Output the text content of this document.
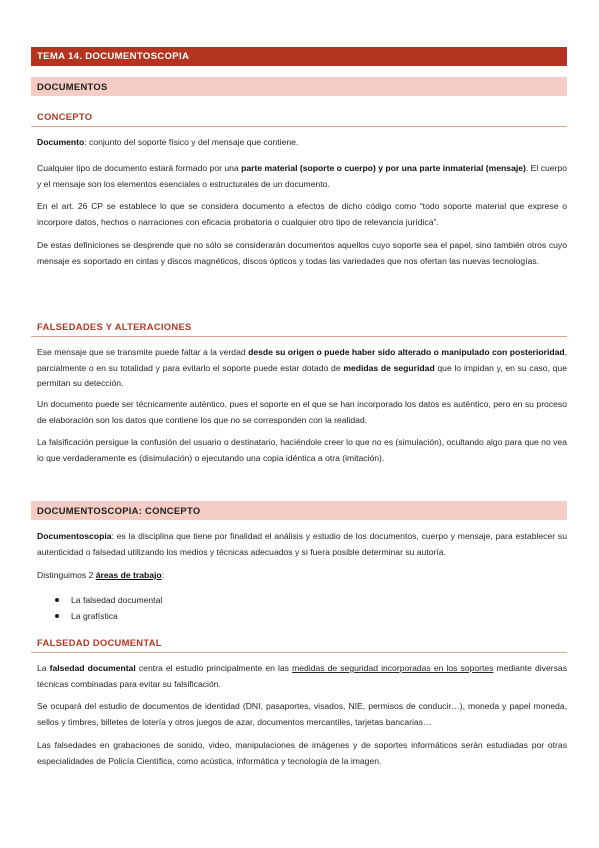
TEMA 14. DOCUMENTOSCOPIA
DOCUMENTOS
CONCEPTO
Documento: conjunto del soporte físico y del mensaje que contiene.
Cualquier tipo de documento estará formado por una parte material (soporte o cuerpo) y por una parte inmaterial (mensaje). El cuerpo y el mensaje son los elementos esenciales o estructurales de un documento.
En el art. 26 CP se establece lo que se considera documento a efectos de dicho código como “todo soporte material que exprese o incorpore datos, hechos o narraciones con eficacia probatoria o cualquier otro tipo de relevancia jurídica”.
De estas definiciones se desprende que no sólo se considerarán documentos aquellos cuyo soporte sea el papel, sino también otros cuyo mensaje es soportado en cintas y discos magnéticos, discos ópticos y todas las variedades que nos ofertan las nuevas tecnologías.
FALSEDADES Y ALTERACIONES
Ese mensaje que se transmite puede faltar a la verdad desde su origen o puede haber sido alterado o manipulado con posterioridad, parcialmente o en su totalidad y para evitarlo el soporte puede estar dotado de medidas de seguridad que lo impidan y, en su caso, que permitan su detección.
Un documento puede ser técnicamente auténtico, pues el soporte en el que se han incorporado los datos es auténtico, pero en su proceso de elaboración son los datos que contiene los que no se corresponden con la realidad.
La falsificación persigue la confusión del usuario o destinatario, haciéndole creer lo que no es (simulación), ocultando algo para que no vea lo que verdaderamente es (disimulación) o ejecutando una copia idéntica a otra (imitación).
DOCUMENTOSCOPIA: CONCEPTO
Documentoscopia: es la disciplina que tiene por finalidad el análisis y estudio de los documentos, cuerpo y mensaje, para establecer su autenticidad o falsedad utilizando los medios y técnicas adecuados y si fuera posible determinar su autoría.
Distinguimos 2 áreas de trabajo:
La falsedad documental
La grafística
FALSEDAD DOCUMENTAL
La falsedad documental centra el estudio principalmente en las medidas de seguridad incorporadas en los soportes mediante diversas técnicas combinadas para evitar su falsificación.
Se ocupará del estudio de documentos de identidad (DNI, pasaportes, visados, NIE, permisos de conducir…), moneda y papel moneda, sellos y timbres, billetes de lotería y otros juegos de azar, documentos mercantiles, tarjetas bancarias…
Las falsedades en grabaciones de sonido, video, manipulaciones de imágenes y de soportes informáticos serán estudiadas por otras especialidades de Policía Científica, como acústica, informática y tecnología de la imagen.
